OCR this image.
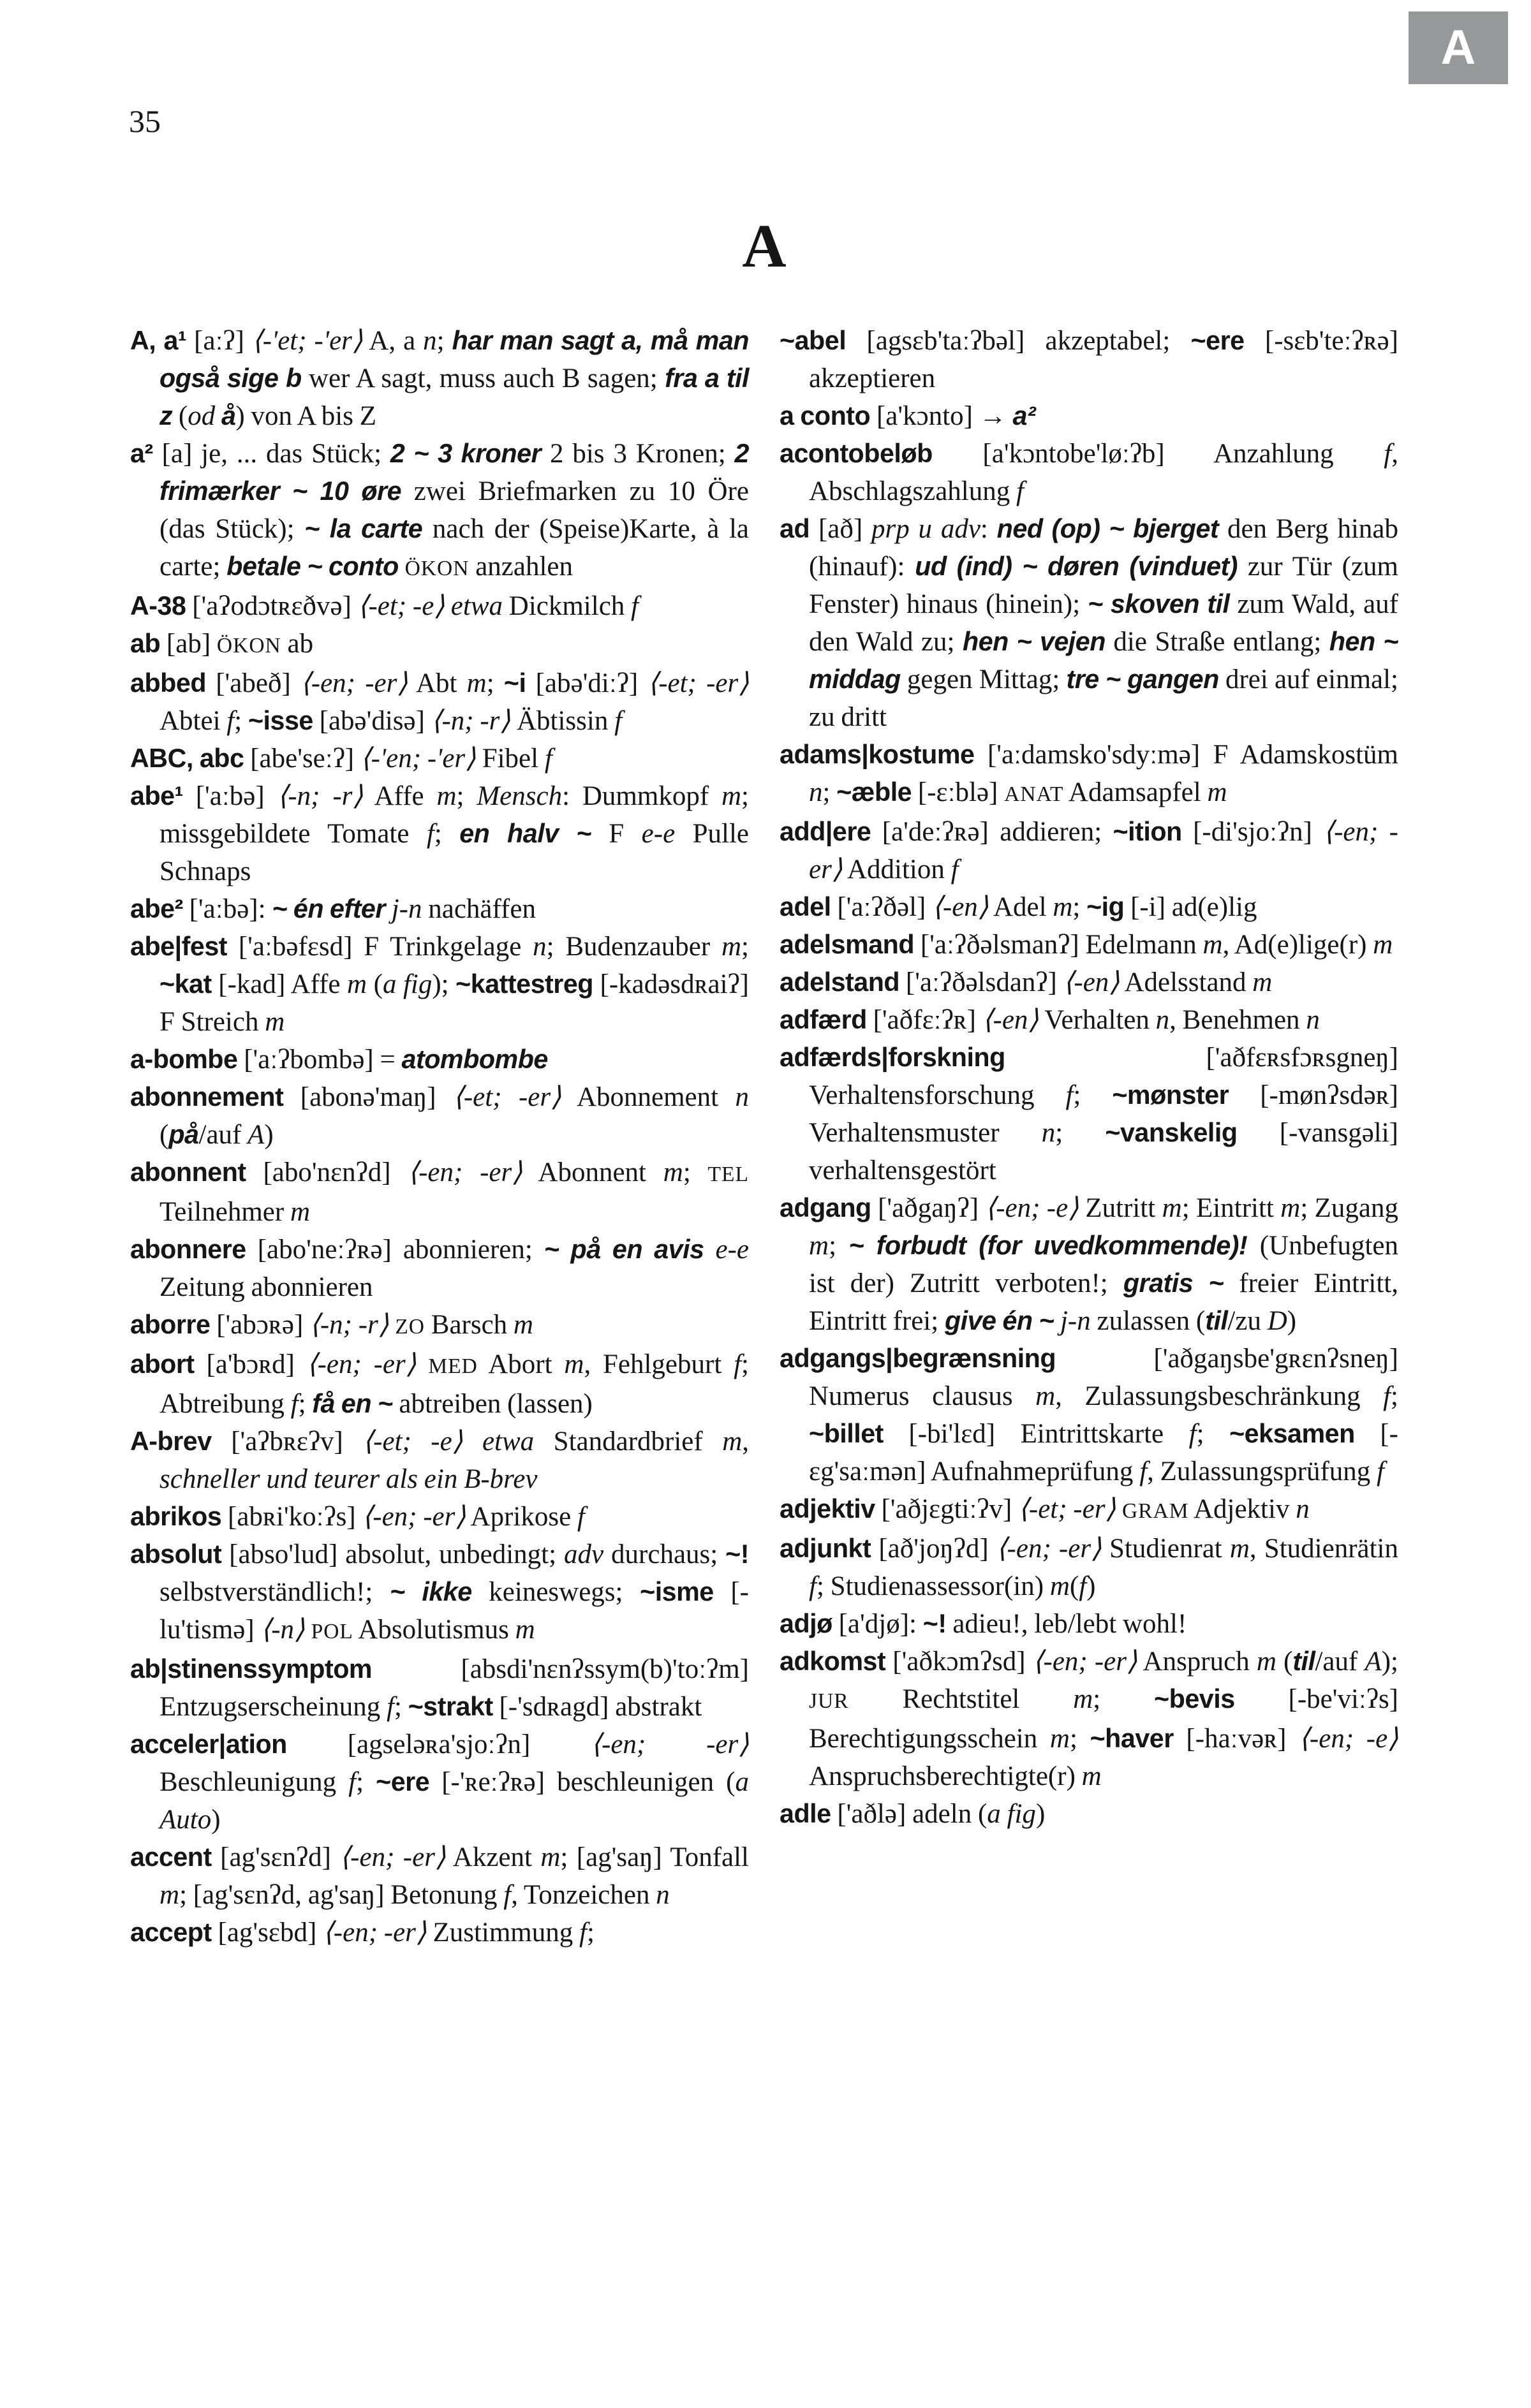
35
A
A

A, a¹ [aːʔ] ⟨-'et; -'er⟩ A, a n; har man sagt a, må man også sige b wer A sagt, muss auch B sagen; fra a til z (od å) von A bis Z

a² [a] je, ... das Stück; 2 ~ 3 kroner 2 bis 3 Kronen; 2 frimærker ~ 10 øre zwei Briefmarken zu 10 Öre (das Stück); ~ la carte nach der (Speise)Karte, à la carte; betale ~ conto ÖKON anzahlen

A-38 ['aʔodɔtʀɛðvə] ⟨-et; -e⟩ etwa Dickmilch f

ab [ab] ÖKON ab

abbed ['abeð] ⟨-en; -er⟩ Abt m; ~i [abə'diːʔ] ⟨-et; -er⟩ Abtei f; ~isse [abə'disə] ⟨-n; -r⟩ Äbtissin f

ABC, abc [abe'seːʔ] ⟨-'en; -'er⟩ Fibel f

abe¹ ['aːbə] ⟨-n; -r⟩ Affe m; Mensch: Dummkopf m; missgebildete Tomate f; en halv ~ F e-e Pulle Schnaps

abe² ['aːbə]: ~ én efter j-n nachäffen

abe|fest ['aːbəfɛsd] F Trinkgelage n; Budenzauber m; ~kat [-kad] Affe m (a fig); ~kattestreg [-kadəsdʀaiʔ] F Streich m

a-bombe ['aːʔbombə] = atombombe

abonnement [abonə'maŋ] ⟨-et; -er⟩ Abonnement n (på/auf A)

abonnent [abo'nɛnʔd] ⟨-en; -er⟩ Abonnent m; TEL Teilnehmer m

abonnere [abo'neːʔʀə] abonnieren; ~ på en avis e-e Zeitung abonnieren

aborre ['abɔʀə] ⟨-n; -r⟩ ZO Barsch m

abort [a'bɔʀd] ⟨-en; -er⟩ MED Abort m, Fehlgeburt f; Abtreibung f; få en ~ abtreiben (lassen)

A-brev ['aʔbʀɛʔv] ⟨-et; -e⟩ etwa Standardbrief m, schneller und teurer als ein B-brev

abrikos [abʀi'koːʔs] ⟨-en; -er⟩ Aprikose f

absolut [abso'lud] absolut, unbedingt; adv durchaus; ~! selbstverständlich!; ~ ikke keineswegs; ~isme [-lu'tismə] ⟨-n⟩ POL Absolutismus m

ab|stinenssymptom [absdi'nɛnʔssym(b)'toːʔm] Entzugserscheinung f; ~strakt [-'sdʀagd] abstrakt

acceler|ation [agseləʀa'sjoːʔn] ⟨-en; -er⟩ Beschleunigung f; ~ere [-'ʀeːʔʀə] beschleunigen (a Auto)

accent [ag'sɛnʔd] ⟨-en; -er⟩ Akzent m; [ag'saŋ] Tonfall m; [ag'sɛnʔd, ag'saŋ] Betonung f, Tonzeichen n

accept [ag'sɛbd] ⟨-en; -er⟩ Zustimmung f;

~abel [agsɛb'taːʔbəl] akzeptabel; ~ere [-sɛb'teːʔʀə] akzeptieren

a conto [a'kɔnto] → a²

acontobeløb [a'kɔntobe'løːʔb] Anzahlung f, Abschlagszahlung f

ad [að] prp u adv: ned (op) ~ bjerget den Berg hinab (hinauf): ud (ind) ~ døren (vinduet) zur Tür (zum Fenster) hinaus (hinein); ~ skoven til zum Wald, auf den Wald zu; hen ~ vejen die Straße entlang; hen ~ middag gegen Mittag; tre ~ gangen drei auf einmal; zu dritt

adams|kostume ['aːdamsko'sdyːmə] F Adamskostüm n; ~æble [-ɛːblə] ANAT Adamsapfel m

add|ere [a'deːʔʀə] addieren; ~ition [-di'sjoːʔn] ⟨-en; -er⟩ Addition f

adel ['aːʔðəl] ⟨-en⟩ Adel m; ~ig [-i] ad(e)lig

adelsmand ['aːʔðəlsmanʔ] Edelmann m, Ad(e)lige(r) m

adelstand ['aːʔðəlsdanʔ] ⟨-en⟩ Adelsstand m

adfærd ['aðfɛːʔʀ] ⟨-en⟩ Verhalten n, Benehmen n

adfærds|forskning ['aðfɛʀsfɔʀsgneŋ] Verhaltensforschung f; ~mønster [-mønʔsdəʀ] Verhaltensmuster n; ~vanskelig [-vansgəli] verhaltensgestört

adgang ['aðgaŋʔ] ⟨-en; -e⟩ Zutritt m; Eintritt m; Zugang m; ~ forbudt (for uvedkommende)! (Unbefugten ist der) Zutritt verboten!; gratis ~ freier Eintritt, Eintritt frei; give én ~ j-n zulassen (til/zu D)

adgangs|begrænsning ['aðgaŋsbe'gʀɛnʔsneŋ] Numerus clausus m, Zulassungsbeschränkung f; ~billet [-bi'lɛd] Eintrittskarte f; ~eksamen [-ɛg'saːmən] Aufnahmeprüfung f, Zulassungsprüfung f

adjektiv ['aðjɛgtiːʔv] ⟨-et; -er⟩ GRAM Adjektiv n

adjunkt [að'joŋʔd] ⟨-en; -er⟩ Studienrat m, Studienrätin f; Studienassessor(in) m(f)

adjø [a'djø]: ~! adieu!, leb/lebt wohl!

adkomst ['aðkɔmʔsd] ⟨-en; -er⟩ Anspruch m (til/auf A); JUR Rechtstitel m; ~bevis [-be'viːʔs] Berechtigungsschein m; ~haver [-haːvəʀ] ⟨-en; -e⟩ Anspruchsberechtigte(r) m

adle ['aðlə] adeln (a fig)
